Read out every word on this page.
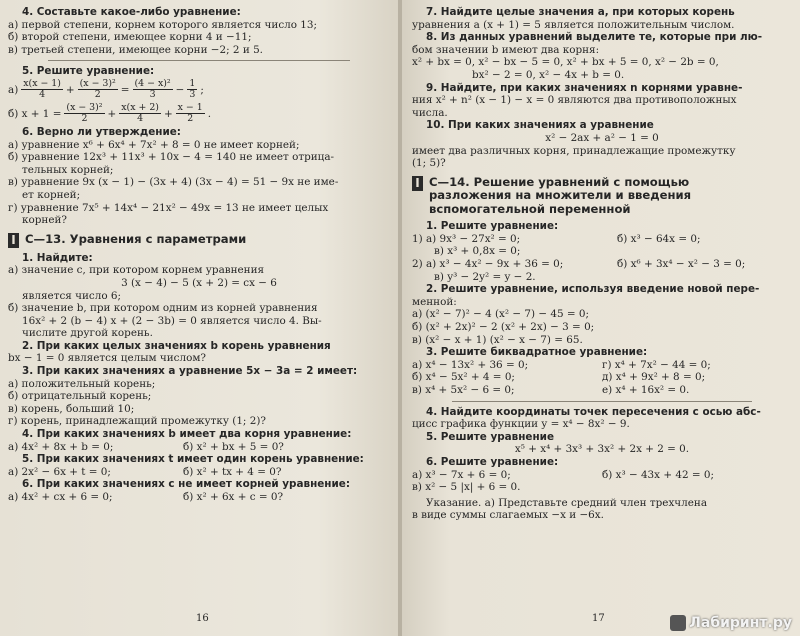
4. Составьте какое-либо уравнение:
а) первой степени, корнем которого является число 13;
б) второй степени, имеющее корни 4 и −11;
в) третьей степени, имеющее корни −2; 2 и 5.
5. Решите уравнение:
$а) \frac{x(x - 1)}{4} + \frac{\text{(x − 3)²}}{2} = \frac{\text{(4 − x)²}}{3} - \frac{1}{3}$ ;
б) $x + 1 = \frac{\text{(x − 3)²}}{2} + \frac{x(x + 2)}{4} + \frac{x - 1}{2}$ .
6. Верно ли утверждение:
а) уравнение x⁶ + 6x⁴ + 7x² + 8 = 0 не имеет корней;
б) уравнение 12x³ + 11x³ + 10x − 4 = 140 не имеет отрица-
тельных корней;
в) уравнение 9x (x − 1) − (3x + 4) (3x − 4) = 51 − 9x не име-
ет корней;
г) уравнение 7x⁵ + 14x⁴ − 21x² − 49x = 13 не имеет целых
корней?
I С—13. Уравнения с параметрами
1. Найдите:
а) значение c, при котором корнем уравнения
3 (x − 4) − 5 (x + 2) = cx − 6
является число 6;
б) значение b, при котором одним из корней уравнения
16x² + 2 (b − 4) x + (2 − 3b) = 0 является число 4. Вы-
числите другой корень.
2. При каких целых значениях b корень уравнения
bx − 1 = 0 является целым числом?
3. При каких значениях a уравнение 5x − 3a = 2 имеет:
а) положительный корень;
б) отрицательный корень;
в) корень, больший 10;
г) корень, принадлежащий промежутку (1; 2)?
4. При каких значениях b имеет два корня уравнение:
а) 4x² + 8x + b = 0;	б) x² + bx + 5 = 0?
5. При каких значениях t имеет один корень уравнение:
а) 2x² − 6x + t = 0;	б) x² + tx + 4 = 0?
6. При каких значениях c не имеет корней уравнение:
а) 4x² + cx + 6 = 0;	б) x² + 6x + c = 0?
16
7. Найдите целые значения a, при которых корень
уравнения a (x + 1) = 5 является положительным числом.
8. Из данных уравнений выделите те, которые при лю-
бом значении b имеют два корня:
x² + bx = 0, x² − bx − 5 = 0, x² + bx + 5 = 0, x² − 2b = 0,
bx² − 2 = 0, x² − 4x + b = 0.
9. Найдите, при каких значениях n корнями уравне-
ния x² + n² (x − 1) − x = 0 являются два противоположных
числа.
10. При каких значениях a уравнение
x² − 2ax + a² − 1 = 0
имеет два различных корня, принадлежащие промежутку
(1; 5)?
I С—14. Решение уравнений с помощью разложения на множители и введения вспомогательной переменной
1. Решите уравнение:
1) а) 9x³ − 27x² = 0;	б) x³ − 64x = 0;
в) x³ + 0,8x = 0;
2) а) x³ − 4x² − 9x + 36 = 0;	б) x⁶ + 3x⁴ − x² − 3 = 0;
в) y³ − 2y² = y − 2.
2. Решите уравнение, используя введение новой пере-
менной:
а) (x² − 7)² − 4 (x² − 7) − 45 = 0;
б) (x² + 2x)² − 2 (x² + 2x) − 3 = 0;
в) (x² − x + 1) (x² − x − 7) = 65.
3. Решите биквадратное уравнение:
а) x⁴ − 13x² + 36 = 0;	г) x⁴ + 7x² − 44 = 0;
б) x⁴ − 5x² + 4 = 0;	д) x⁴ + 9x² + 8 = 0;
в) x⁴ + 5x² − 6 = 0;	е) x⁴ + 16x² = 0.
4. Найдите координаты точек пересечения с осью абс-
цисс графика функции y = x⁴ − 8x² − 9.
5. Решите уравнение
x⁵ + x⁴ + 3x³ + 3x² + 2x + 2 = 0.
6. Решите уравнение:
а) x³ − 7x + 6 = 0;	б) x³ − 43x + 42 = 0;
в) x² − 5 |x| + 6 = 0.
Указание. а) Представьте средний член трехчлена
в виде суммы слагаемых −x и −6x.
17	Лабиринт.ру
